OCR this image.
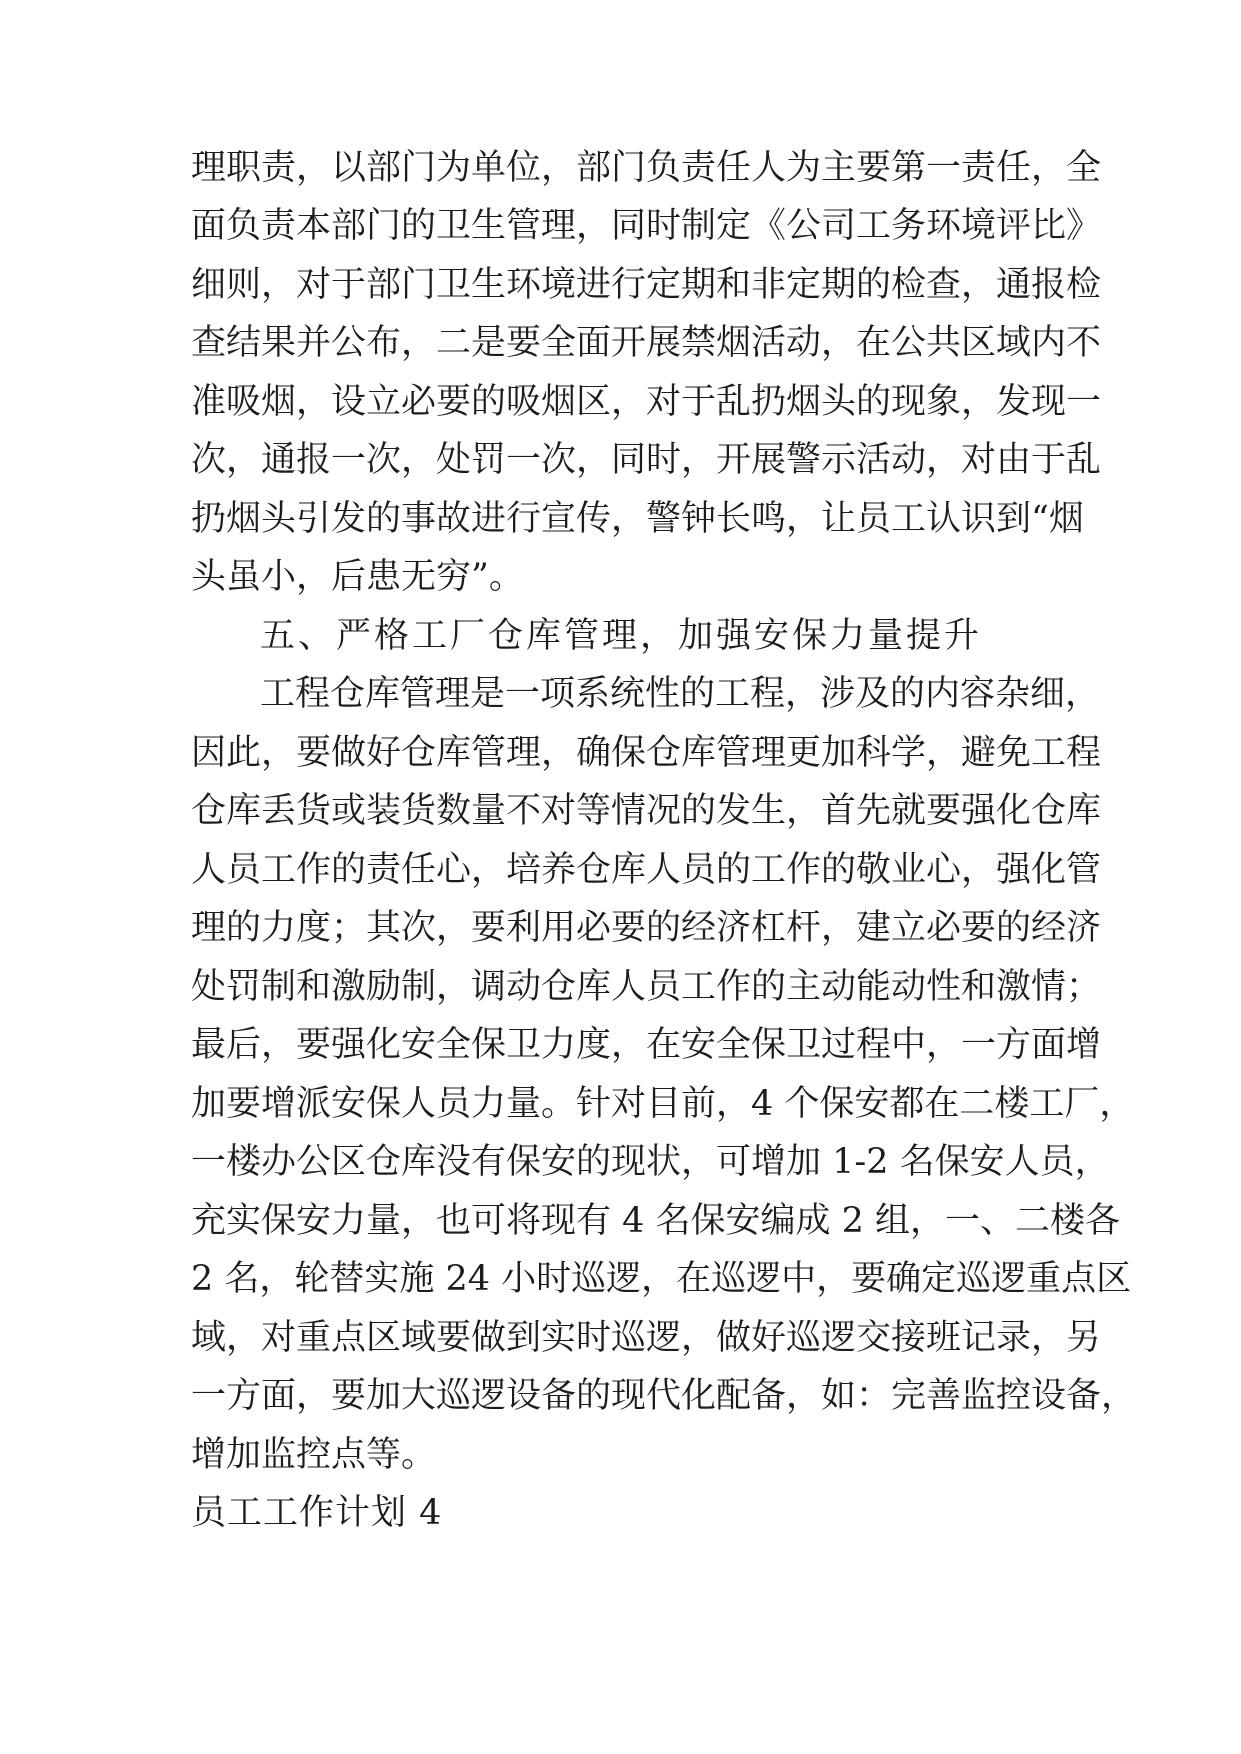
理职责，以部门为单位，部门负责任人为主要第一责任，全
面负责本部门的卫生管理，同时制定《公司工务环境评比》
细则，对于部门卫生环境进行定期和非定期的检查，通报检
查结果并公布，二是要全面开展禁烟活动，在公共区域内不
准吸烟，设立必要的吸烟区，对于乱扔烟头的现象，发现一
次，通报一次，处罚一次，同时，开展警示活动，对由于乱
扔烟头引发的事故进行宣传，警钟长鸣，让员工认识到“烟
头虽小，后患无穷”。
五、严格工厂仓库管理，加强安保力量提升
工程仓库管理是一项系统性的工程，涉及的内容杂细，
因此，要做好仓库管理，确保仓库管理更加科学，避免工程
仓库丢货或装货数量不对等情况的发生，首先就要强化仓库
人员工作的责任心，培养仓库人员的工作的敬业心，强化管
理的力度；其次，要利用必要的经济杠杆，建立必要的经济
处罚制和激励制，调动仓库人员工作的主动能动性和激情；
最后，要强化安全保卫力度，在安全保卫过程中，一方面增
加要增派安保人员力量。针对目前，4 个保安都在二楼工厂，
一楼办公区仓库没有保安的现状，可增加 1-2 名保安人员，
充实保安力量，也可将现有 4 名保安编成 2 组，一、二楼各
2 名，轮替实施 24 小时巡逻，在巡逻中，要确定巡逻重点区
域，对重点区域要做到实时巡逻，做好巡逻交接班记录，另
一方面，要加大巡逻设备的现代化配备，如：完善监控设备，
增加监控点等。
员工工作计划 4
